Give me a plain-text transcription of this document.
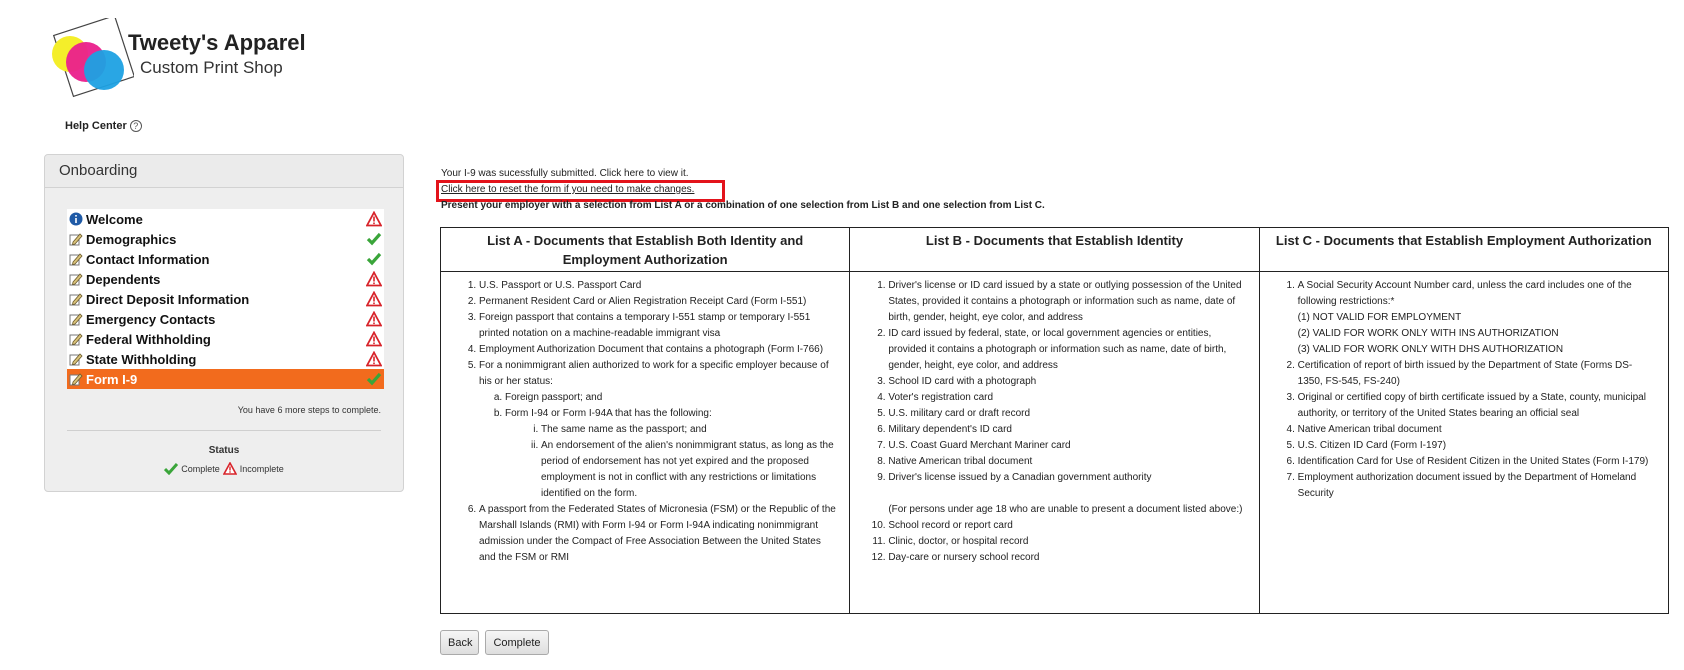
Tweety's Apparel
Custom Print Shop
Help Center ?
Onboarding
Welcome
Demographics
Contact Information
Dependents
Direct Deposit Information
Emergency Contacts
Federal Withholding
State Withholding
Form I-9
You have 6 more steps to complete.
Status
Complete Incomplete
Your I-9 was sucessfully submitted. Click here to view it.
Click here to reset the form if you need to make changes.
Present your employer with a selection from List A or a combination of one selection from List B and one selection from List C.
List A - Documents that Establish Both Identity and Employment Authorization
1. U.S. Passport or U.S. Passport Card
2. Permanent Resident Card or Alien Registration Receipt Card (Form I-551)
3. Foreign passport that contains a temporary I-551 stamp or temporary I-551 printed notation on a machine-readable immigrant visa
4. Employment Authorization Document that contains a photograph (Form I-766)
5. For a nonimmigrant alien authorized to work for a specific employer because of his or her status:
a. Foreign passport; and
b. Form I-94 or Form I-94A that has the following:
i. The same name as the passport; and
ii. An endorsement of the alien's nonimmigrant status, as long as the period of endorsement has not yet expired and the proposed employment is not in conflict with any restrictions or limitations identified on the form.
6. A passport from the Federated States of Micronesia (FSM) or the Republic of the Marshall Islands (RMI) with Form I-94 or Form I-94A indicating nonimmigrant admission under the Compact of Free Association Between the United States and the FSM or RMI
List B - Documents that Establish Identity
1. Driver's license or ID card issued by a state or outlying possession of the United States, provided it contains a photograph or information such as name, date of birth, gender, height, eye color, and address
2. ID card issued by federal, state, or local government agencies or entities, provided it contains a photograph or information such as name, date of birth, gender, height, eye color, and address
3. School ID card with a photograph
4. Voter's registration card
5. U.S. military card or draft record
6. Military dependent's ID card
7. U.S. Coast Guard Merchant Mariner card
8. Native American tribal document
9. Driver's license issued by a Canadian government authority
(For persons under age 18 who are unable to present a document listed above:)
10. School record or report card
11. Clinic, doctor, or hospital record
12. Day-care or nursery school record
List C - Documents that Establish Employment Authorization
1. A Social Security Account Number card, unless the card includes one of the following restrictions:*
(1) NOT VALID FOR EMPLOYMENT
(2) VALID FOR WORK ONLY WITH INS AUTHORIZATION
(3) VALID FOR WORK ONLY WITH DHS AUTHORIZATION
2. Certification of report of birth issued by the Department of State (Forms DS-1350, FS-545, FS-240)
3. Original or certified copy of birth certificate issued by a State, county, municipal authority, or territory of the United States bearing an official seal
4. Native American tribal document
5. U.S. Citizen ID Card (Form I-197)
6. Identification Card for Use of Resident Citizen in the United States (Form I-179)
7. Employment authorization document issued by the Department of Homeland Security
Back	Complete
